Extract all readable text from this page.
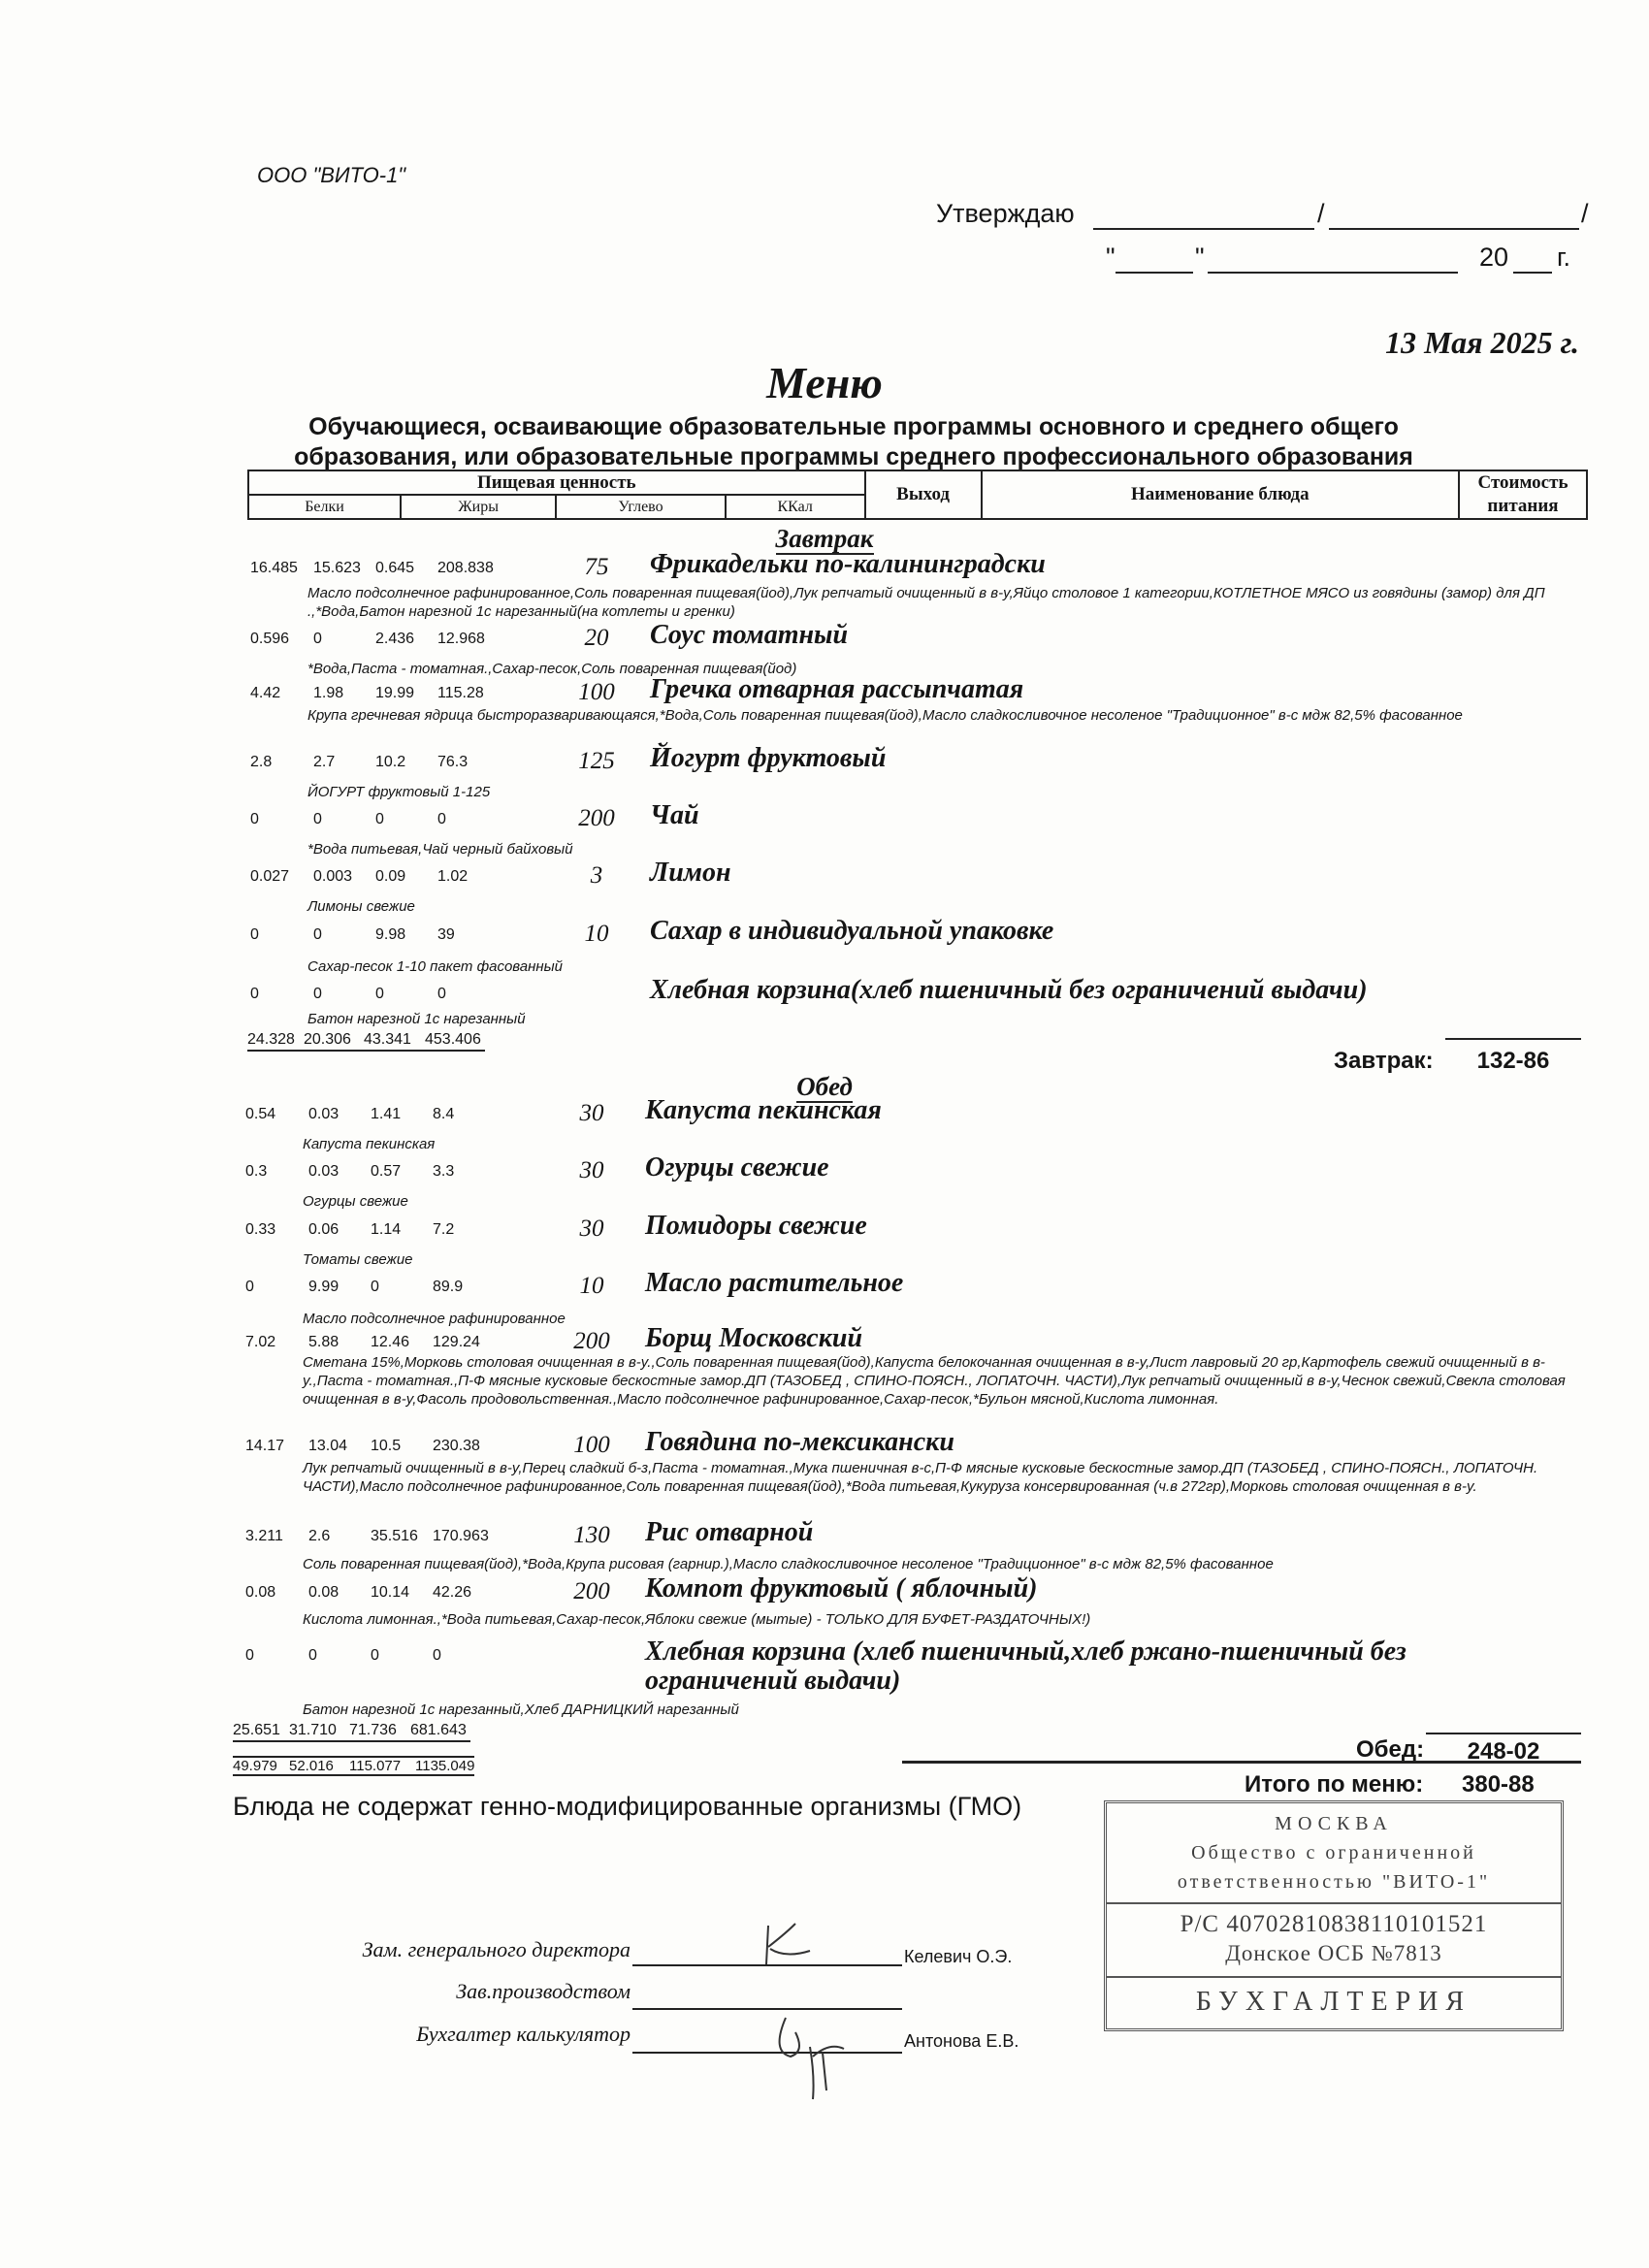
ООО "ВИТО-1"
Утверждаю	/	/
"	"	20 г.
13 Мая 2025 г.
Меню
Обучающиеся, осваивающие образовательные программы основного и среднего общего образования, или образовательные программы среднего профессионального образования
Пищевая ценность				Выход	Наименование блюда	Стоимость питания
Белки	Жиры	Углево	ККал			
Завтрак
16.485 15.623 0.645 208.838	75	Фрикадельки по-калининградски
Масло подсолнечное рафинированное,Соль поваренная пищевая(йод),Лук репчатый очищенный в в-у,Яйцо столовое 1 категории,КОТЛЕТНОЕ МЯСО из говядины (замор) для ДП .,*Вода,Батон нарезной 1с нарезанный(на котлеты и гренки)
0.596 0	2.436 12.968	20	Соус томатный
*Вода,Паста - томатная.,Сахар-песок,Соль поваренная пищевая(йод)
4.42 1.98 19.99 115.28	100	Гречка отварная рассыпчатая
Крупа гречневая ядрица быстроразваривающаяся,*Вода,Соль поваренная пищевая(йод),Масло сладкосливочное несоленое "Традиционное" в-с мдж 82,5% фасованное
2.8	2.7	10.2 76.3	125	Йогурт фруктовый
ЙОГУРТ фруктовый 1-125
0	0	0	0	200	Чай
*Вода питьевая,Чай черный байховый
0.027 0.003 0.09 1.02	3	Лимон
Лимоны свежие
0	0	9.98 39	10	Сахар в индивидуальной упаковке
Сахар-песок 1-10 пакет фасованный
0	0	0	0	Хлебная корзина(хлеб пшеничный без ограничений выдачи)
Батон нарезной 1с нарезанный
24.328 20.306 43.341 453.406
Завтрак:	132-86
Обед
0.54 0.03 1.41 8.4	30	Капуста пекинская
Капуста пекинская
0.3	0.03 0.57 3.3	30	Огурцы свежие
Огурцы свежие
0.33 0.06 1.14 7.2	30	Помидоры свежие
Томаты свежие
0	9.99 0	89.9	10	Масло растительное
Масло подсолнечное рафинированное
7.02 5.88 12.46 129.24	200	Борщ Московский
Сметана 15%,Морковь столовая очищенная в в-у.,Соль поваренная пищевая(йод),Капуста белокочанная очищенная в в-у,Лист лавровый 20 гр,Картофель свежий очищенный в в-у.,Паста - томатная.,П-Ф мясные кусковые бескостные замор.ДП (ТАЗОБЕД , СПИНО-ПОЯСН., ЛОПАТОЧН. ЧАСТИ),Лук репчатый очищенный в в-у,Чеснок свежий,Свекла столовая очищенная в в-у,Фасоль продовольственная.,Масло подсолнечное рафинированное,Сахар-песок,*Бульон мясной,Кислота лимонная.
14.17 13.04 10.5 230.38	100	Говядина по-мексикански
Лук репчатый очищенный в в-у,Перец сладкий б-з,Паста - томатная.,Мука пшеничная в-с,П-Ф мясные кусковые бескостные замор.ДП (ТАЗОБЕД , СПИНО-ПОЯСН., ЛОПАТОЧН. ЧАСТИ),Масло подсолнечное рафинированное,Соль поваренная пищевая(йод),*Вода питьевая,Кукуруза консервированная (ч.в 272гр),Морковь столовая очищенная в в-у.
3.211 2.6	35.516 170.963	130	Рис отварной
Соль поваренная пищевая(йод),*Вода,Крупа рисовая (гарнир.),Масло сладкосливочное несоленое "Традиционное" в-с мдж 82,5% фасованное
0.08 0.08 10.14 42.26	200	Компот фруктовый ( яблочный)
Кислота лимонная.,*Вода питьевая,Сахар-песок,Яблоки свежие (мытые) - ТОЛЬКО ДЛЯ БУФЕТ-РАЗДАТОЧНЫХ!)
0	0	0	0	Хлебная корзина (хлеб пшеничный,хлеб ржано-пшеничный без ограничений выдачи)
Батон нарезной 1с нарезанный,Хлеб ДАРНИЦКИЙ нарезанный
25.651 31.710 71.736 681.643
49.979 52.016 115.077 1135.049
Обед:	248-02
Итого по меню: 380-88
Блюда не содержат генно-модифицированные организмы (ГМО)
Зам. генерального директора	Келевич О.Э.
Зав.производством
Бухгалтер калькулятор	Антонова Е.В.
МОСКВА
Общество с ограниченной
ответственностью "ВИТО-1"
Р/С 40702810838110101521
Донское ОСБ №7813
БУХГАЛТЕРИЯ
